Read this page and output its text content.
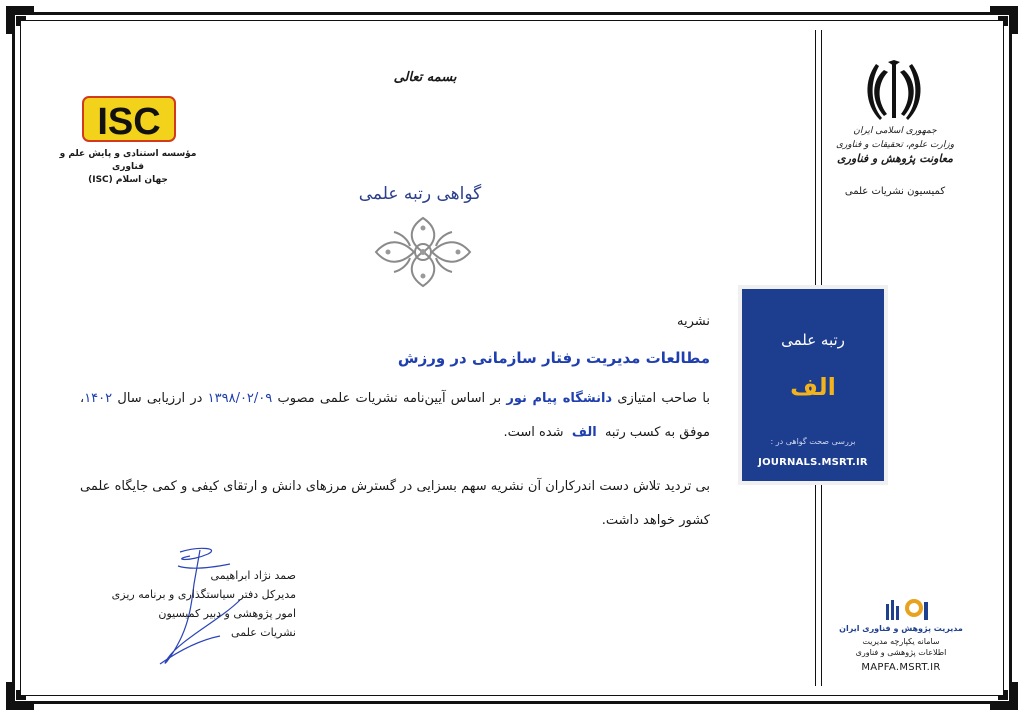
بسمه تعالی
ISC
مؤسسه استنادی و پایش علم و فناوری
جهان اسلام (ISC)
گواهی رتبه علمی
نشریه
مطالعات مدیریت رفتار سازمانی در ورزش
با صاحب امتیازی دانشگاه پیام نور بر اساس آیین‌نامه نشریات علمی مصوب ۱۳۹۸/۰۲/۰۹ در ارزیابی سال ۱۴۰۲، موفق به کسب رتبه  الف  شده است.
بی تردید تلاش دست اندرکاران آن نشریه سهم بسزایی در گسترش مرزهای دانش و ارتقای کیفی و کمی جایگاه علمی کشور خواهد داشت.
صمد نژاد ابراهیمی
مدیرکل دفتر سیاستگذاری و برنامه ریزی
امور پژوهشی و دبیر کمیسیون
نشریات علمی
جمهوری اسلامی ایران
وزارت علوم، تحقیقات و فناوری
معاونت پژوهش و فناوری
کمیسیون نشریات علمی
رتبه علمی
الف
بررسی صحت گواهی در :
JOURNALS.MSRT.IR
مدیریت پژوهش و فناوری ایران
سامانه یکپارچه مدیریت
اطلاعات پژوهشی و فناوری
MAPFA.MSRT.IR
